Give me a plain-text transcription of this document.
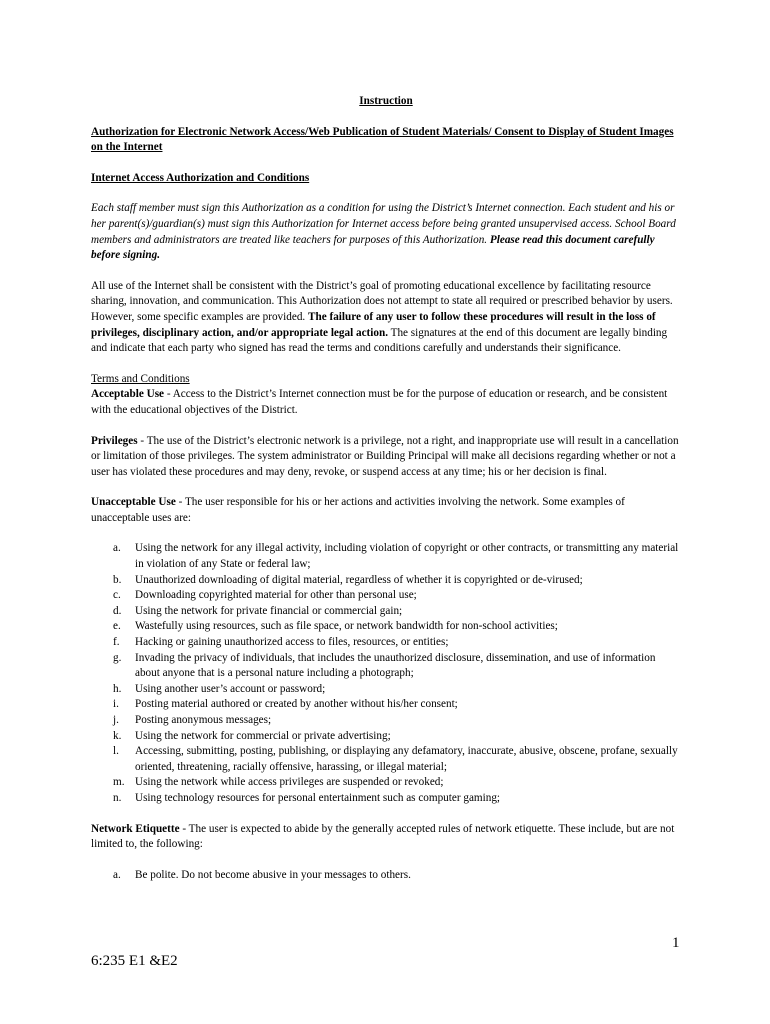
Instruction
Authorization for Electronic Network Access/Web Publication of Student Materials/ Consent to Display of Student Images on the Internet
Internet Access Authorization and Conditions

Each staff member must sign this Authorization as a condition for using the District’s Internet connection. Each student and his or her parent(s)/guardian(s) must sign this Authorization for Internet access before being granted unsupervised access. School Board members and administrators are treated like teachers for purposes of this Authorization. Please read this document carefully before signing.

All use of the Internet shall be consistent with the District’s goal of promoting educational excellence by facilitating resource sharing, innovation, and communication. This Authorization does not attempt to state all required or prescribed behavior by users. However, some specific examples are provided. The failure of any user to follow these procedures will result in the loss of privileges, disciplinary action, and/or appropriate legal action. The signatures at the end of this document are legally binding and indicate that each party who signed has read the terms and conditions carefully and understands their significance.

Terms and Conditions

Acceptable Use - Access to the District’s Internet connection must be for the purpose of education or research, and be consistent with the educational objectives of the District.

Privileges - The use of the District’s electronic network is a privilege, not a right, and inappropriate use will result in a cancellation or limitation of those privileges. The system administrator or Building Principal will make all decisions regarding whether or not a user has violated these procedures and may deny, revoke, or suspend access at any time; his or her decision is final.

Unacceptable Use - The user responsible for his or her actions and activities involving the network. Some examples of unacceptable uses are:

a. Using the network for any illegal activity, including violation of copyright or other contracts, or transmitting any material in violation of any State or federal law;
b. Unauthorized downloading of digital material, regardless of whether it is copyrighted or de-virused;
c. Downloading copyrighted material for other than personal use;
d. Using the network for private financial or commercial gain;
e. Wastefully using resources, such as file space, or network bandwidth for non-school activities;
f. Hacking or gaining unauthorized access to files, resources, or entities;
g. Invading the privacy of individuals, that includes the unauthorized disclosure, dissemination, and use of information about anyone that is a personal nature including a photograph;
h. Using another user’s account or password;
i. Posting material authored or created by another without his/her consent;
j. Posting anonymous messages;
k. Using the network for commercial or private advertising;
l. Accessing, submitting, posting, publishing, or displaying any defamatory, inaccurate, abusive, obscene, profane, sexually oriented, threatening, racially offensive, harassing, or illegal material;
m. Using the network while access privileges are suspended or revoked;
n. Using technology resources for personal entertainment such as computer gaming;

Network Etiquette - The user is expected to abide by the generally accepted rules of network etiquette. These include, but are not limited to, the following:

a. Be polite. Do not become abusive in your messages to others.
1
6:235 E1 &E2
